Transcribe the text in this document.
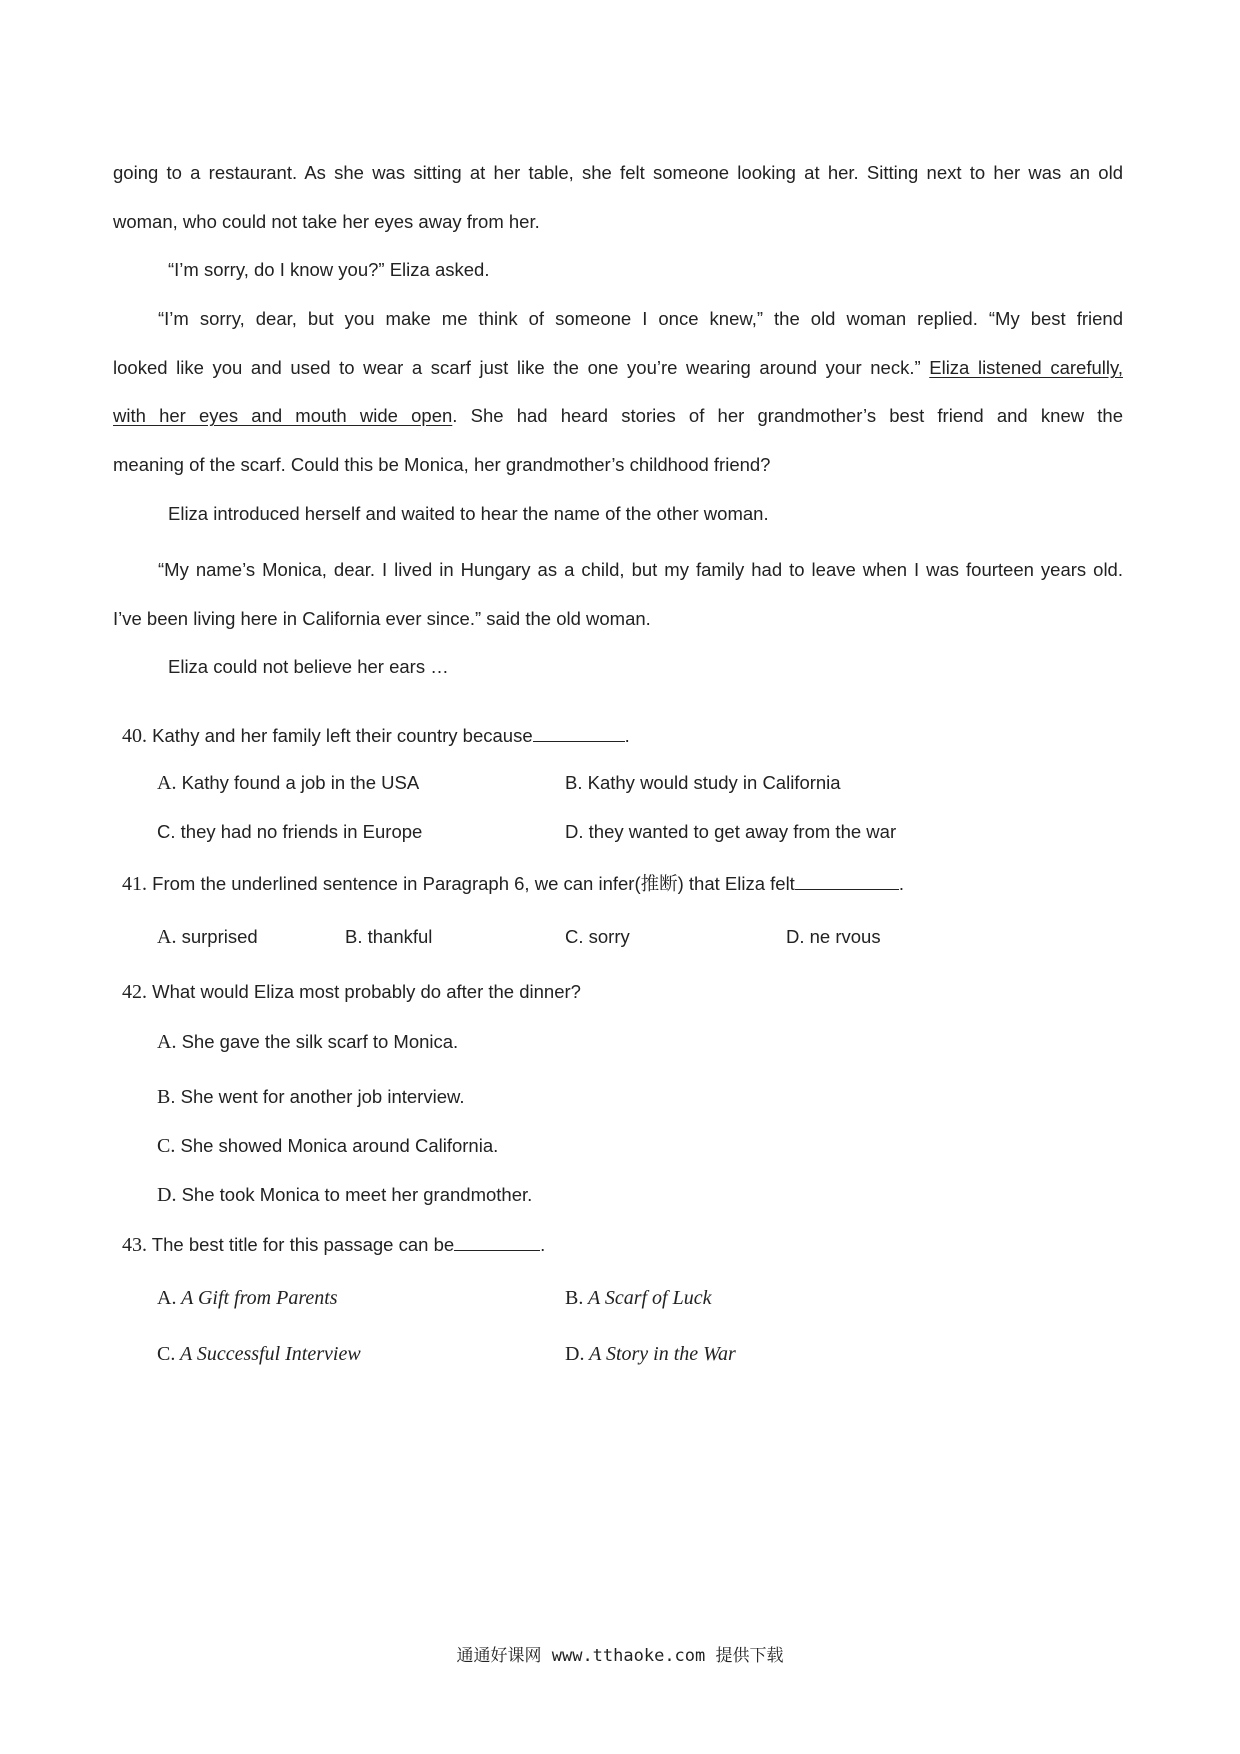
going to a restaurant. As she was sitting at her table, she felt someone looking at her. Sitting next to her was an old
woman, who could not take her eyes away from her.
“I’m sorry, do I know you?” Eliza asked.
“I’m sorry, dear, but you make me think of someone I once knew,” the old woman replied. “My best friend
looked like you and used to wear a scarf just like the one you’re wearing around your neck.” Eliza listened carefully,
with her eyes and mouth wide open. She had heard stories of her grandmother’s best friend and knew the
meaning of the scarf. Could this be Monica, her grandmother’s childhood friend?
Eliza introduced herself and waited to hear the name of the other woman.
“My name’s Monica, dear. I lived in Hungary as a child, but my family had to leave when I was fourteen years old.
I’ve been living here in California ever since.” said the old woman.
Eliza could not believe her ears …
40. Kathy and her family left their country because	.
A. Kathy found a job in the USA	B. Kathy would study in California
C. they had no friends in Europe	D. they wanted to get away from the war
41. From the underlined sentence in Paragraph 6, we can infer(推断) that Eliza felt	.
A. surprised	B. thankful	C. sorry	D. ne rvous
42. What would Eliza most probably do after the dinner?
A. She gave the silk scarf to Monica.
B. She went for another job interview.
C. She showed Monica around California.
D. She took Monica to meet her grandmother.
43. The best title for this passage can be	.
A. A Gift from Parents	B. A Scarf of Luck
C. A Successful Interview	D. A Story in the War
通通好课网 www.tthaoke.com 提供下载
